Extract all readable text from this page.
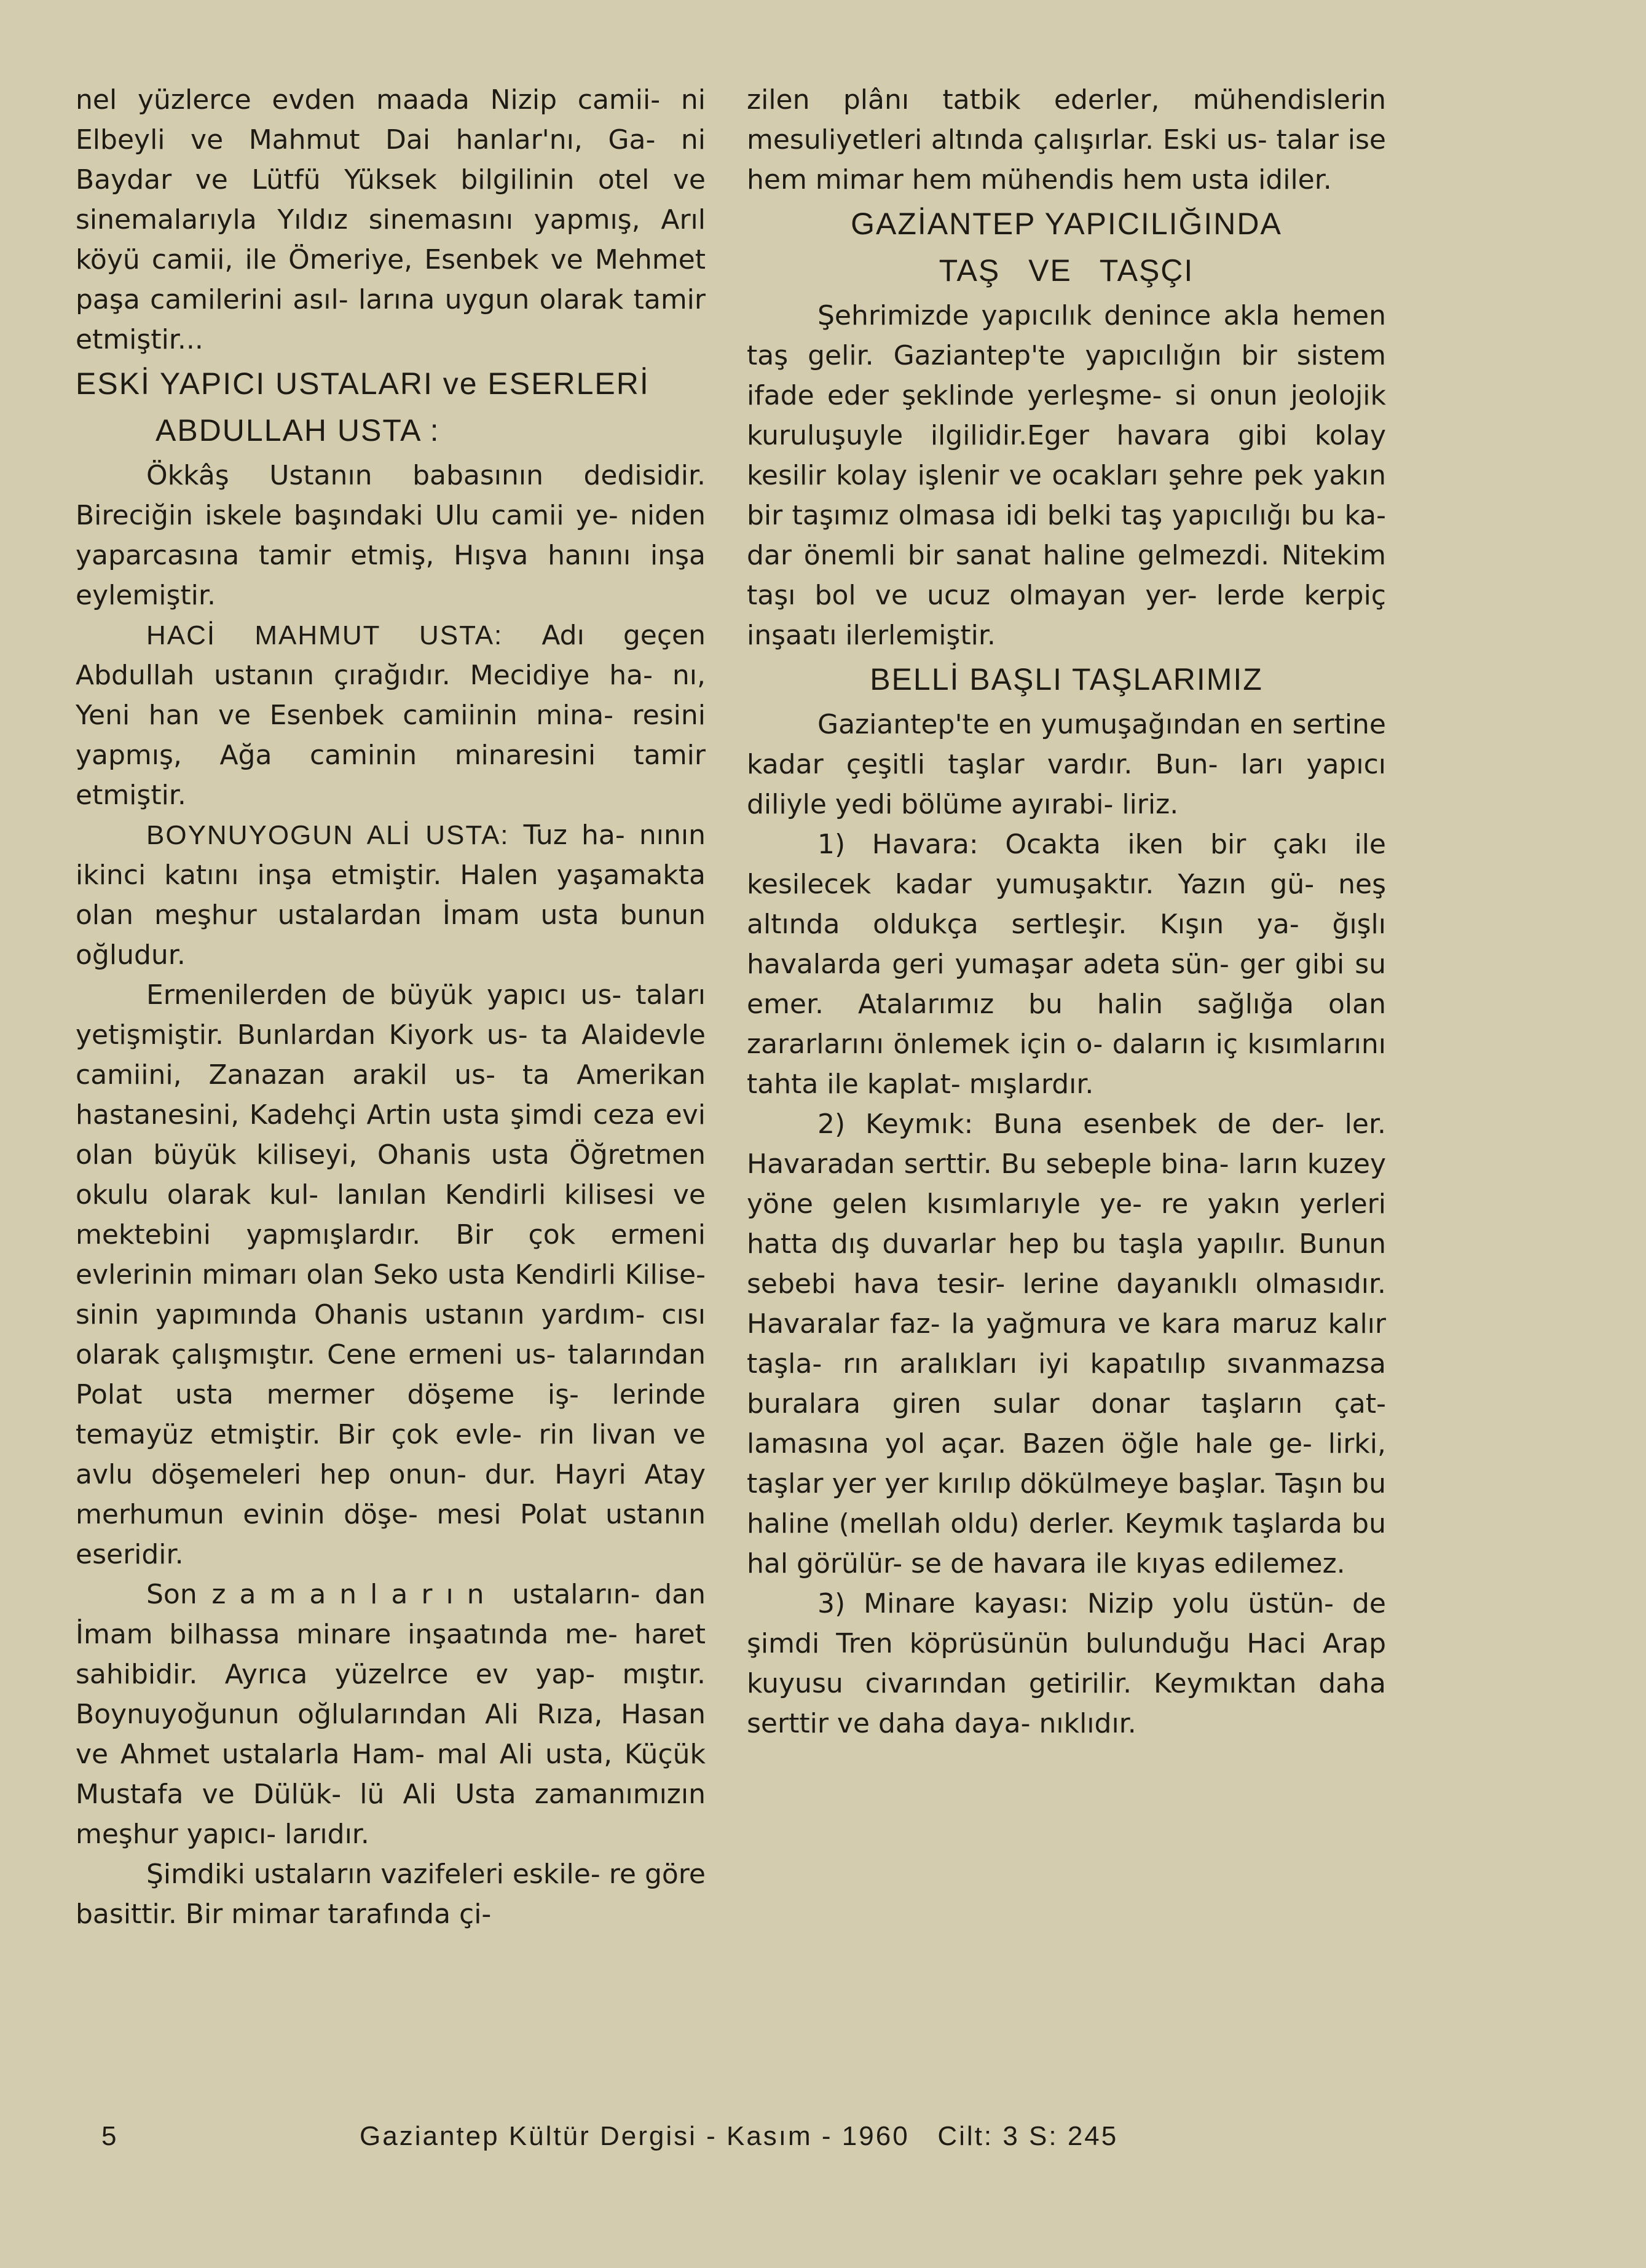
nel yüzlerce evden maada Nizip camii- ni Elbeyli ve Mahmut Dai hanlar'nı, Ga- ni Baydar ve Lütfü Yüksek bilgilinin otel ve sinemalarıyla Yıldız sinemasını yapmış, Arıl köyü camii, ile Ömeriye, Esenbek ve Mehmet paşa camilerini asıl- larına uygun olarak tamir etmiştir...

ESKİ YAPICI USTALARI ve ESERLERİ
ABDULLAH USTA :

Ökkâş Ustanın babasının dedisidir. Bireciğin iskele başındaki Ulu camii ye- niden yaparcasına tamir etmiş, Hışva hanını inşa eylemiştir.

HACİ MAHMUT USTA: Adı geçen Abdullah ustanın çırağıdır. Mecidiye ha- nı, Yeni han ve Esenbek camiinin mina- resini yapmış, Ağa caminin minaresini tamir etmiştir.

BOYNUYOGUN ALİ USTA: Tuz ha- nının ikinci katını inşa etmiştir. Halen yaşamakta olan meşhur ustalardan İmam usta bunun oğludur.

Ermenilerden de büyük yapıcı us- taları yetişmiştir. Bunlardan Kiyork us- ta Alaidevle camiini, Zanazan arakil us- ta Amerikan hastanesini, Kadehçi Artin usta şimdi ceza evi olan büyük kiliseyi, Ohanis usta Öğretmen okulu olarak kul- lanılan Kendirli kilisesi ve mektebini yapmışlardır. Bir çok ermeni evlerinin mimarı olan Seko usta Kendirli Kilise- sinin yapımında Ohanis ustanın yardım- cısı olarak çalışmıştır. Cene ermeni us- talarından Polat usta mermer döşeme iş- lerinde temayüz etmiştir. Bir çok evle- rin livan ve avlu döşemeleri hep onun- dur. Hayri Atay merhumun evinin döşe- mesi Polat ustanın eseridir.

Son zamanların ustaların- dan İmam bilhassa minare inşaatında me- haret sahibidir. Ayrıca yüzelrce ev yap- mıştır. Boynuyoğunun oğlularından Ali Rıza, Hasan ve Ahmet ustalarla Ham- mal Ali usta, Küçük Mustafa ve Dülük- lü Ali Usta zamanımızın meşhur yapıcı- larıdır.

Şimdiki ustaların vazifeleri eskile- re göre basittir. Bir mimar tarafında çi-

zilen plânı tatbik ederler, mühendislerin mesuliyetleri altında çalışırlar. Eski us- talar ise hem mimar hem mühendis hem usta idiler.

GAZİANTEP YAPICILIĞINDA
TAŞ VE TAŞÇI

Şehrimizde yapıcılık denince akla hemen taş gelir. Gaziantep'te yapıcılığın bir sistem ifade eder şeklinde yerleşme- si onun jeolojik kuruluşuyle ilgilidir.Eger havara gibi kolay kesilir kolay işlenir ve ocakları şehre pek yakın bir taşımız olmasa idi belki taş yapıcılığı bu ka- dar önemli bir sanat haline gelmezdi. Nitekim taşı bol ve ucuz olmayan yer- lerde kerpiç inşaatı ilerlemiştir.

BELLİ BAŞLI TAŞLARIMIZ

Gaziantep'te en yumuşağından en sertine kadar çeşitli taşlar vardır. Bun- ları yapıcı diliyle yedi bölüme ayırabi- liriz.

1) Havara: Ocakta iken bir çakı ile kesilecek kadar yumuşaktır. Yazın gü- neş altında oldukça sertleşir. Kışın ya- ğışlı havalarda geri yumaşar adeta sün- ger gibi su emer. Atalarımız bu halin sağlığa olan zararlarını önlemek için o- daların iç kısımlarını tahta ile kaplat- mışlardır.

2) Keymık: Buna esenbek de der- ler. Havaradan serttir. Bu sebeple bina- ların kuzey yöne gelen kısımlarıyle ye- re yakın yerleri hatta dış duvarlar hep bu taşla yapılır. Bunun sebebi hava tesir- lerine dayanıklı olmasıdır. Havaralar faz- la yağmura ve kara maruz kalır taşla- rın aralıkları iyi kapatılıp sıvanmazsa buralara giren sular donar taşların çat- lamasına yol açar. Bazen öğle hale ge- lirki, taşlar yer yer kırılıp dökülmeye başlar. Taşın bu haline (mellah oldu) derler. Keymık taşlarda bu hal görülür- se de havara ile kıyas edilemez.

3) Minare kayası: Nizip yolu üstün- de şimdi Tren köprüsünün bulunduğu Haci Arap kuyusu civarından getirilir. Keymıktan daha serttir ve daha daya- nıklıdır.

5	Gaziantep Kültür Dergisi - Kasım - 1960   Cilt: 3 S: 245
